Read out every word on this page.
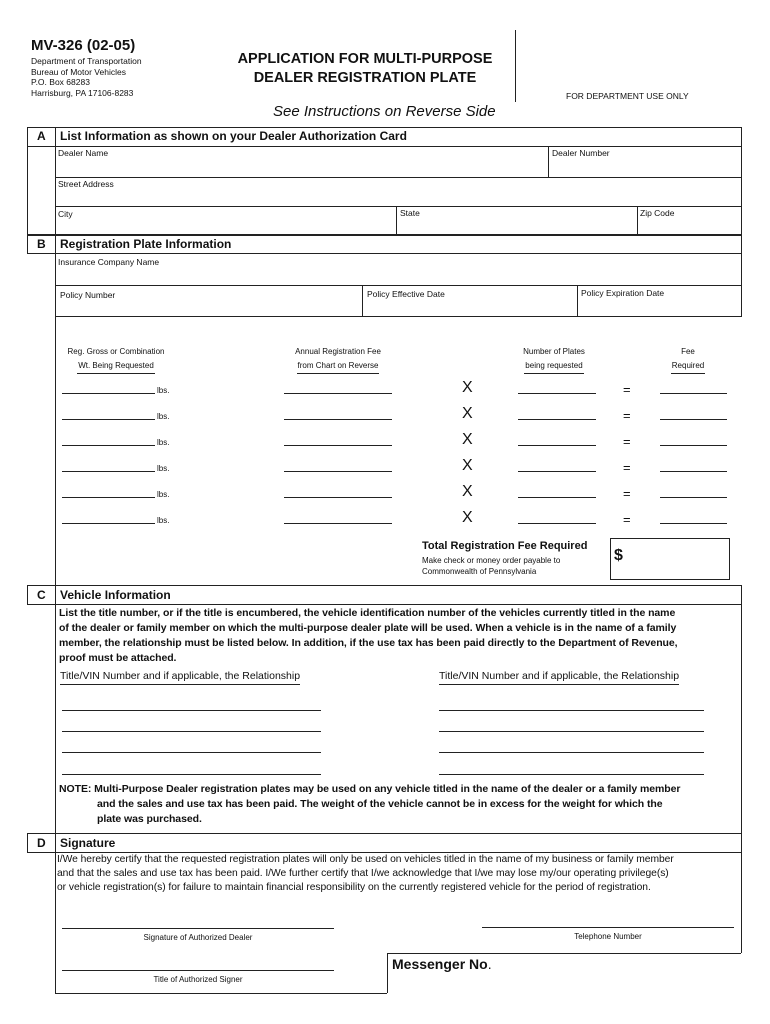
MV-326 (02-05)
Department of Transportation
Bureau of Motor Vehicles
P.O. Box 68283
Harrisburg, PA 17106-8283
APPLICATION FOR MULTI-PURPOSE
DEALER REGISTRATION PLATE
FOR DEPARTMENT USE ONLY
See Instructions on Reverse Side
A List Information as shown on your Dealer Authorization Card
Dealer Name	Dealer Number
Street Address
City	State	Zip Code
B Registration Plate Information
Insurance Company Name
Policy Number	Policy Effective Date	Policy Expiration Date
Reg. Gross or Combination
Wt. Being Requested
Annual Registration Fee
from Chart on Reverse
Number of Plates
being requested
Fee
Required
lbs.	X	=
lbs.	X	=
lbs.	X	=
lbs.	X	=
lbs.	X	=
lbs.	X	=
Total Registration Fee Required
Make check or money order payable to
Commonwealth of Pennsylvania
$
C Vehicle Information
List the title number, or if the title is encumbered, the vehicle identification number of the vehicles currently titled in the name
of the dealer or family member on which the multi-purpose dealer plate will be used. When a vehicle is in the name of a family
member, the relationship must be listed below. In addition, if the use tax has been paid directly to the Department of Revenue,
proof must be attached.
Title/VIN Number and if applicable, the Relationship	Title/VIN Number and if applicable, the Relationship
NOTE: Multi-Purpose Dealer registration plates may be used on any vehicle titled in the name of the dealer or a family member
and the sales and use tax has been paid. The weight of the vehicle cannot be in excess for the weight for which the
plate was purchased.
D Signature
I/We hereby certify that the requested registration plates will only be used on vehicles titled in the name of my business or family member
and that the sales and use tax has been paid. I/We further certify that I/we acknowledge that I/we may lose my/our operating privilege(s)
or vehicle registration(s) for failure to maintain financial responsibility on the currently registered vehicle for the period of registration.
Signature of Authorized Dealer	Telephone Number
Title of Authorized Signer
Messenger No.
